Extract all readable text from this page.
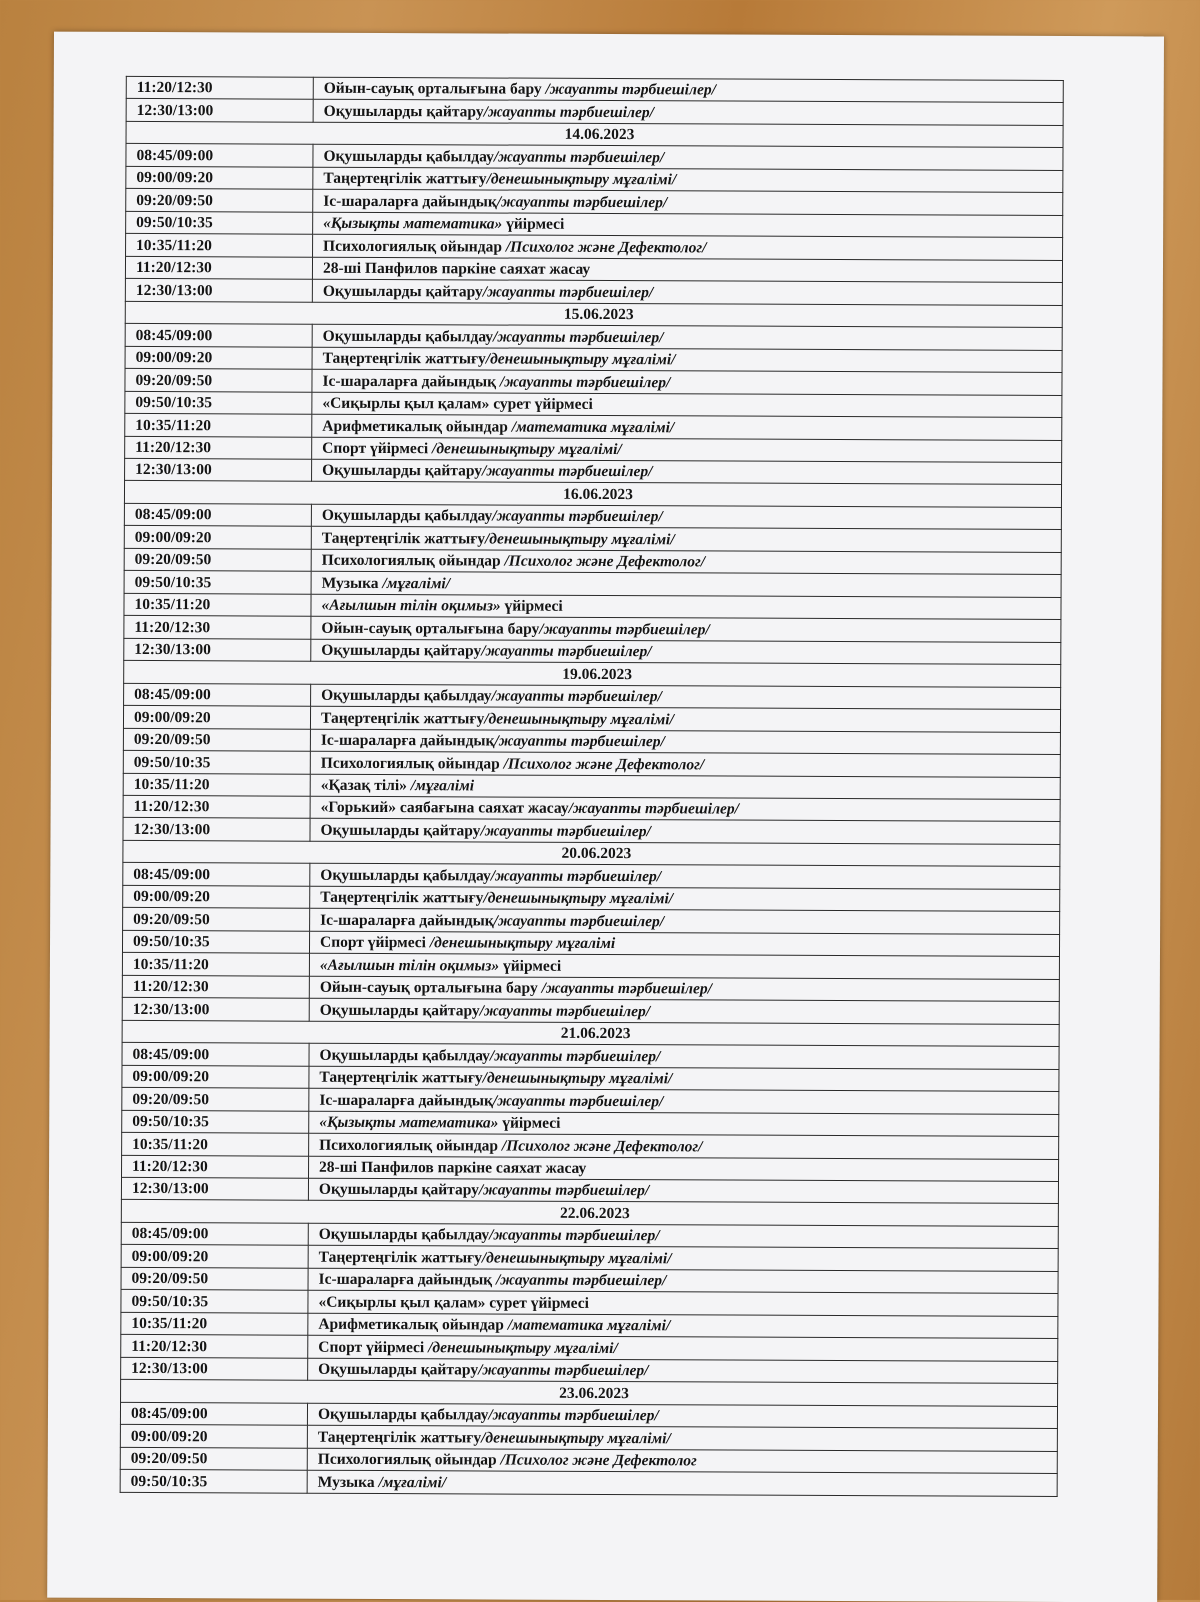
11:20/12:30	Ойын-сауық орталығына бару /жауапты тәрбиешілер/
12:30/13:00	Оқушыларды қайтару/жауапты тәрбиешілер/
14.06.2023	
08:45/09:00	Оқушыларды қабылдау/жауапты тәрбиешілер/
09:00/09:20	Таңертеңгілік жаттығу/денешынықтыру мұғалімі/
09:20/09:50	Іс-шараларға дайындық/жауапты тәрбиешілер/
09:50/10:35	«Қызықты математика» үйірмесі
10:35/11:20	Психологиялық ойындар /Психолог және Дефектолог/
11:20/12:30	28-ші Панфилов паркіне саяхат жасау
12:30/13:00	Оқушыларды қайтару/жауапты тәрбиешілер/
15.06.2023	
08:45/09:00	Оқушыларды қабылдау/жауапты тәрбиешілер/
09:00/09:20	Таңертеңгілік жаттығу/денешынықтыру мұғалімі/
09:20/09:50	Іс-шараларға дайындық /жауапты тәрбиешілер/
09:50/10:35	«Сиқырлы қыл қалам» сурет үйірмесі
10:35/11:20	Арифметикалық ойындар /математика мұғалімі/
11:20/12:30	Спорт үйірмесі /денешынықтыру мұғалімі/
12:30/13:00	Оқушыларды қайтару/жауапты тәрбиешілер/
16.06.2023	
08:45/09:00	Оқушыларды қабылдау/жауапты тәрбиешілер/
09:00/09:20	Таңертеңгілік жаттығу/денешынықтыру мұғалімі/
09:20/09:50	Психологиялық ойындар /Психолог және Дефектолог/
09:50/10:35	Музыка /мұғалімі/
10:35/11:20	«Ағылшын тілін оқимыз» үйірмесі
11:20/12:30	Ойын-сауық орталығына бару/жауапты тәрбиешілер/
12:30/13:00	Оқушыларды қайтару/жауапты тәрбиешілер/
19.06.2023	
08:45/09:00	Оқушыларды қабылдау/жауапты тәрбиешілер/
09:00/09:20	Таңертеңгілік жаттығу/денешынықтыру мұғалімі/
09:20/09:50	Іс-шараларға дайындық/жауапты тәрбиешілер/
09:50/10:35	Психологиялық ойындар /Психолог және Дефектолог/
10:35/11:20	«Қазақ тілі» /мұғалімі
11:20/12:30	«Горький» саябағына саяхат жасау/жауапты тәрбиешілер/
12:30/13:00	Оқушыларды қайтару/жауапты тәрбиешілер/
20.06.2023	
08:45/09:00	Оқушыларды қабылдау/жауапты тәрбиешілер/
09:00/09:20	Таңертеңгілік жаттығу/денешынықтыру мұғалімі/
09:20/09:50	Іс-шараларға дайындық/жауапты тәрбиешілер/
09:50/10:35	Спорт үйірмесі /денешынықтыру мұғалімі
10:35/11:20	«Ағылшын тілін оқимыз» үйірмесі
11:20/12:30	Ойын-сауық орталығына бару /жауапты тәрбиешілер/
12:30/13:00	Оқушыларды қайтару/жауапты тәрбиешілер/
21.06.2023	
08:45/09:00	Оқушыларды қабылдау/жауапты тәрбиешілер/
09:00/09:20	Таңертеңгілік жаттығу/денешынықтыру мұғалімі/
09:20/09:50	Іс-шараларға дайындық/жауапты тәрбиешілер/
09:50/10:35	«Қызықты математика» үйірмесі
10:35/11:20	Психологиялық ойындар /Психолог және Дефектолог/
11:20/12:30	28-ші Панфилов паркіне саяхат жасау
12:30/13:00	Оқушыларды қайтару/жауапты тәрбиешілер/
22.06.2023	
08:45/09:00	Оқушыларды қабылдау/жауапты тәрбиешілер/
09:00/09:20	Таңертеңгілік жаттығу/денешынықтыру мұғалімі/
09:20/09:50	Іс-шараларға дайындық /жауапты тәрбиешілер/
09:50/10:35	«Сиқырлы қыл қалам» сурет үйірмесі
10:35/11:20	Арифметикалық ойындар /математика мұғалімі/
11:20/12:30	Спорт үйірмесі /денешынықтыру мұғалімі/
12:30/13:00	Оқушыларды қайтару/жауапты тәрбиешілер/
23.06.2023	
08:45/09:00	Оқушыларды қабылдау/жауапты тәрбиешілер/
09:00/09:20	Таңертеңгілік жаттығу/денешынықтыру мұғалімі/
09:20/09:50	Психологиялық ойындар /Психолог және Дефектолог
09:50/10:35	Музыка /мұғалімі/
